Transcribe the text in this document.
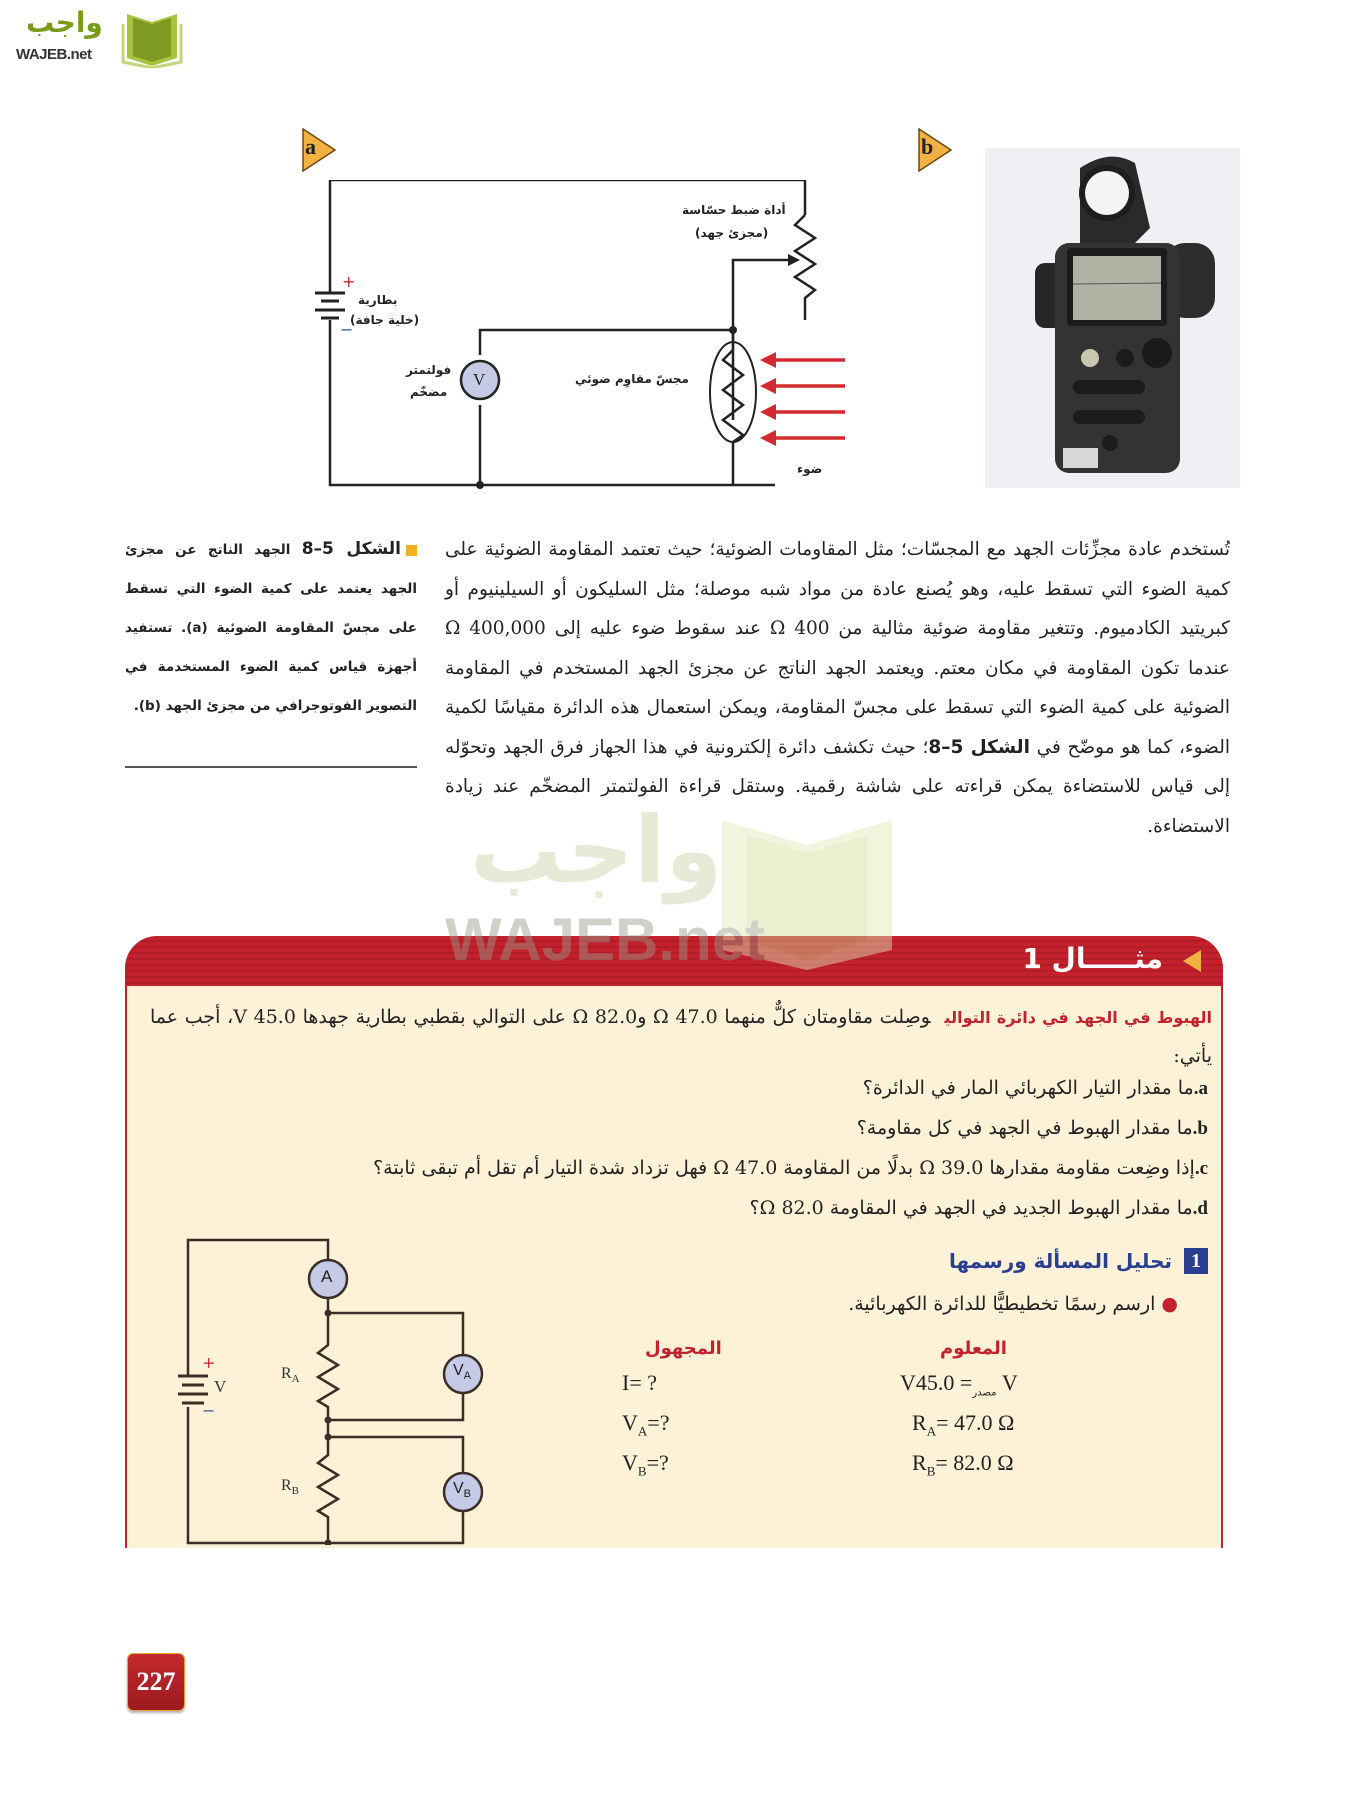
واجب
WAJEB.net
a	b
+
−
بطارية
(خلية جافة)
أداة ضبط حسّاسة
(مجزئ جهد)
V
فولتمتر
مضخّم
مجسّ مقاوِم ضوئي
ضوء
تُستخدم عادة مجزِّئات الجهد مع المجسّات؛ مثل المقاومات الضوئية؛ حيث تعتمد المقاومة الضوئية على كمية الضوء التي تسقط عليه، وهو يُصنع عادة من مواد شبه موصلة؛ مثل السليكون أو السيلينيوم أو كبريتيد الكادميوم. وتتغير مقاومة ضوئية مثالية من 400 Ω عند سقوط ضوء عليه إلى 400,000 Ω عندما تكون المقاومة في مكان معتم. ويعتمد الجهد الناتج عن مجزئ الجهد المستخدم في المقاومة الضوئية على كمية الضوء التي تسقط على مجسّ المقاومة، ويمكن استعمال هذه الدائرة مقياسًا لكمية الضوء، كما هو موضّح في الشكل 5–8؛ حيث تكشف دائرة إلكترونية في هذا الجهاز فرق الجهد وتحوّله إلى قياس للاستضاءة يمكن قراءته على شاشة رقمية. وستقل قراءة الفولتمتر المضخّم عند زيادة الاستضاءة.
الشكل 5–8 الجهد الناتج عن مجزئ الجهد يعتمد على كمية الضوء التي تسقط على مجسّ المقاومة الضوئية (a). تستفيد أجهزة قياس كمية الضوء المستخدمة في التصوير الفوتوجرافي من مجزئ الجهد (b).
مثـــــال 1
واجب
WAJEB.net
الهبوط في الجهد في دائرة التواليوصِلت مقاومتان كلٌّ منهما 47.0 Ω و82.0 Ω على التوالي بقطبي بطارية جهدها 45.0 V، أجب عما يأتي:
a.ما مقدار التيار الكهربائي المار في الدائرة؟
b.ما مقدار الهبوط في الجهد في كل مقاومة؟
c.إذا وضِعت مقاومة مقدارها 39.0 Ω بدلًا من المقاومة 47.0 Ω فهل تزداد شدة التيار أم تقل أم تبقى ثابتة؟
d.ما مقدار الهبوط الجديد في الجهد في المقاومة 82.0 Ω؟
1
تحليل المسألة ورسمها
●ارسم رسمًا تخطيطيًّا للدائرة الكهربائية.
المعلوم
المجهول
V	$_{مصدر}$= 45.0 V
$R_A= 47.0$ Ω
$R_B= 82.0$ Ω
I= ?
$V_A=$?
$V_B=$?
A
$V_A$
$V_B$
$R_A$
$R_B$
+
−
V
227
